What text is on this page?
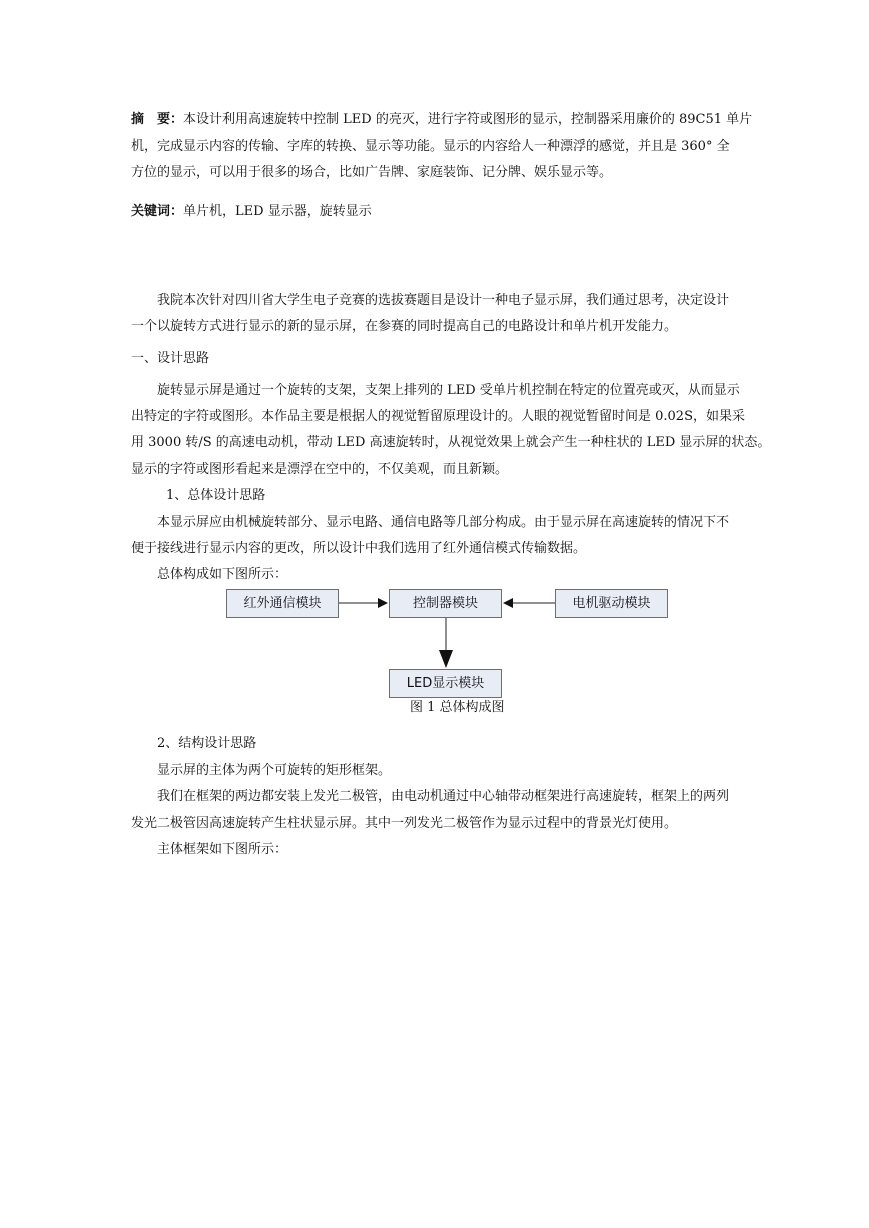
摘　要：本设计利用高速旋转中控制 LED 的亮灭，进行字符或图形的显示，控制器采用廉价的 89C51 单片
机，完成显示内容的传输、字库的转换、显示等功能。显示的内容给人一种漂浮的感觉，并且是 360° 全
方位的显示，可以用于很多的场合，比如广告牌、家庭装饰、记分牌、娱乐显示等。
关键词：单片机，LED 显示器，旋转显示
我院本次针对四川省大学生电子竞赛的选拔赛题目是设计一种电子显示屏，我们通过思考，决定设计
一个以旋转方式进行显示的新的显示屏，在参赛的同时提高自己的电路设计和单片机开发能力。
一、设计思路
旋转显示屏是通过一个旋转的支架，支架上排列的 LED 受单片机控制在特定的位置亮或灭，从而显示
出特定的字符或图形。本作品主要是根据人的视觉暂留原理设计的。人眼的视觉暂留时间是 0.02S，如果采
用 3000 转/S 的高速电动机，带动 LED 高速旋转时，从视觉效果上就会产生一种柱状的 LED 显示屏的状态。
显示的字符或图形看起来是漂浮在空中的，不仅美观，而且新颖。
1、总体设计思路
本显示屏应由机械旋转部分、显示电路、通信电路等几部分构成。由于显示屏在高速旋转的情况下不
便于接线进行显示内容的更改，所以设计中我们选用了红外通信模式传输数据。
总体构成如下图所示：
红外通信模块	控制器模块	电机驱动模块
LED显示模块
图 1 总体构成图
2、结构设计思路
显示屏的主体为两个可旋转的矩形框架。
我们在框架的两边都安装上发光二极管，由电动机通过中心轴带动框架进行高速旋转，框架上的两列
发光二极管因高速旋转产生柱状显示屏。其中一列发光二极管作为显示过程中的背景光灯使用。
主体框架如下图所示：
